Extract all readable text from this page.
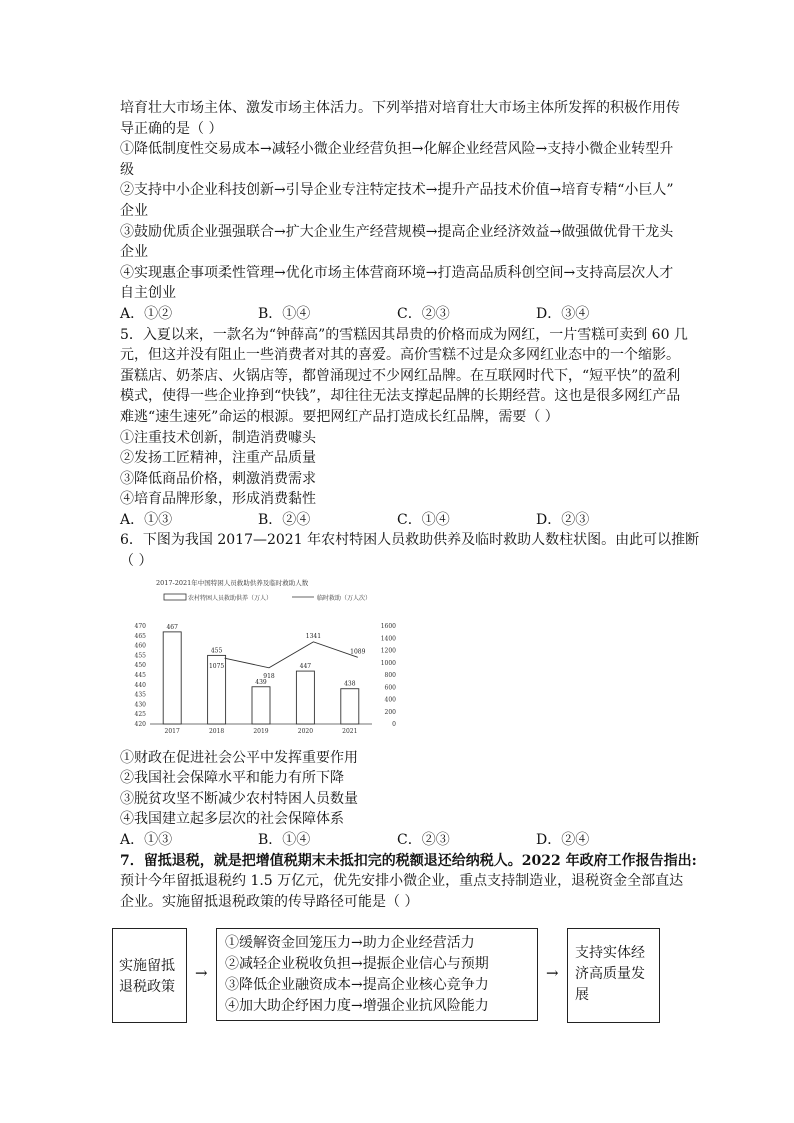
培育壮大市场主体、激发市场主体活力。下列举措对培育壮大市场主体所发挥的积极作用传
导正确的是（ ）
①降低制度性交易成本→减轻小微企业经营负担→化解企业经营风险→支持小微企业转型升
级
②支持中小企业科技创新→引导企业专注特定技术→提升产品技术价值→培育专精“小巨人”
企业
③鼓励优质企业强强联合→扩大企业生产经营规模→提高企业经济效益→做强做优骨干龙头
企业
④实现惠企事项柔性管理→优化市场主体营商环境→打造高品质科创空间→支持高层次人才
自主创业
A．①②	B．①④	C．②③	D．③④
5．入夏以来，一款名为“钟薛高”的雪糕因其昂贵的价格而成为网红，一片雪糕可卖到 60 几
元，但这并没有阻止一些消费者对其的喜爱。高价雪糕不过是众多网红业态中的一个缩影。
蛋糕店、奶茶店、火锅店等，都曾涌现过不少网红品牌。在互联网时代下，“短平快”的盈利
模式，使得一些企业挣到“快钱”，却往往无法支撑起品牌的长期经营。这也是很多网红产品
难逃“速生速死”命运的根源。要把网红产品打造成长红品牌，需要（ ）
①注重技术创新，制造消费噱头
②发扬工匠精神，注重产品质量
③降低商品价格，刺激消费需求
④培育品牌形象，形成消费黏性
A．①③	B．②④	C．①④	D．②③
6．下图为我国 2017—2021 年农村特困人员救助供养及临时救助人数柱状图。由此可以推断
（ ）
2017-2021年中国特困人员救助供养及临时救助人数
农村特困人员救助供养（万人）	临时救助（万人次）
420
425
430
435
440
445
450
455
460
465
470
0
200
400
600
800
1000
1200
1400
1600
467
455
439
447
438
1075
918
1341
1089
2017	2018	2019	2020	2021
①财政在促进社会公平中发挥重要作用
②我国社会保障水平和能力有所下降
③脱贫攻坚不断减少农村特困人员数量
④我国建立起多层次的社会保障体系
A．①③	B．①④	C．②③	D．②④
7．留抵退税，就是把增值税期末未抵扣完的税额退还给纳税人。2022 年政府工作报告指出:
预计今年留抵退税约 1.5 万亿元，优先安排小微企业，重点支持制造业，退税资金全部直达
企业。实施留抵退税政策的传导路径可能是（ ）
实施留抵
退税政策
→
①缓解资金回笼压力→助力企业经营活力
②减轻企业税收负担→提振企业信心与预期
③降低企业融资成本→提高企业核心竞争力
④加大助企纾困力度→增强企业抗风险能力
→
支持实体经
济高质量发
展
